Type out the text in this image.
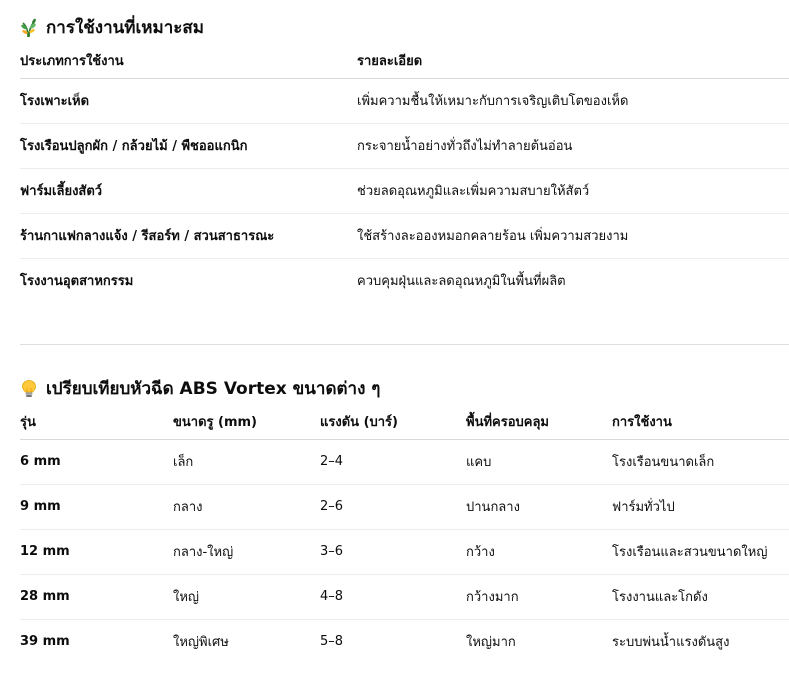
การใช้งานที่เหมาะสม
ประเภทการใช้งาน	รายละเอียด
โรงเพาะเห็ด	เพิ่มความชื้นให้เหมาะกับการเจริญเติบโตของเห็ด
โรงเรือนปลูกผัก / กล้วยไม้ / พืชออแกนิก	กระจายน้ำอย่างทั่วถึงไม่ทำลายต้นอ่อน
ฟาร์มเลี้ยงสัตว์	ช่วยลดอุณหภูมิและเพิ่มความสบายให้สัตว์
ร้านกาแฟกลางแจ้ง / รีสอร์ท / สวนสาธารณะ	ใช้สร้างละอองหมอกคลายร้อน เพิ่มความสวยงาม
โรงงานอุตสาหกรรม	ควบคุมฝุ่นและลดอุณหภูมิในพื้นที่ผลิต
เปรียบเทียบหัวฉีด ABS Vortex ขนาดต่าง ๆ
รุ่น	ขนาดรู (mm)	แรงดัน (บาร์)	พื้นที่ครอบคลุม	การใช้งาน
6 mm	เล็ก	2–4	แคบ	โรงเรือนขนาดเล็ก
9 mm	กลาง	2–6	ปานกลาง	ฟาร์มทั่วไป
12 mm	กลาง-ใหญ่	3–6	กว้าง	โรงเรือนและสวนขนาดใหญ่
28 mm	ใหญ่	4–8	กว้างมาก	โรงงานและโกดัง
39 mm	ใหญ่พิเศษ	5–8	ใหญ่มาก	ระบบพ่นน้ำแรงดันสูง
